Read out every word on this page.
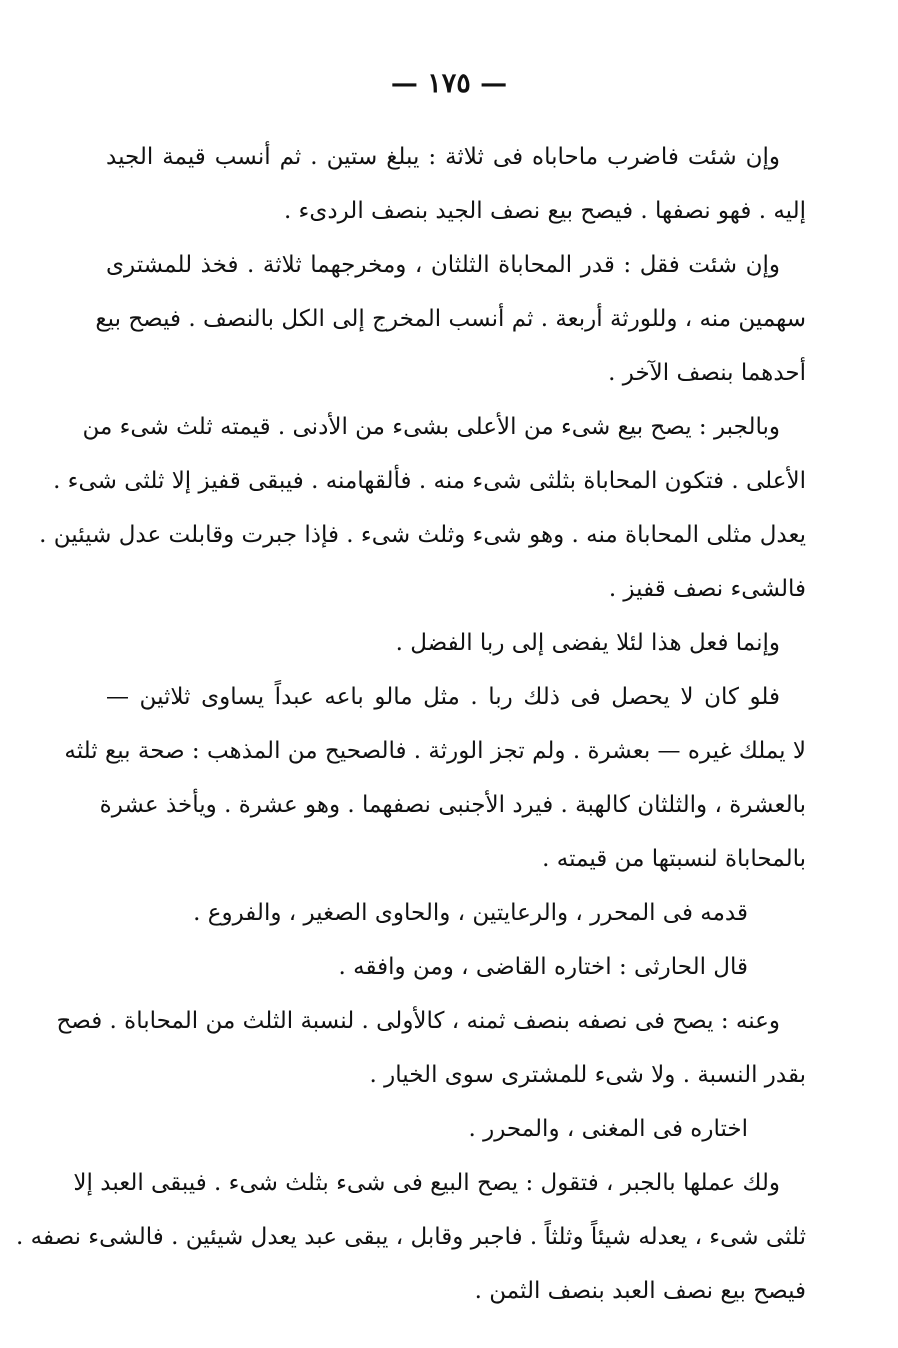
— ١٧٥ —
وإن شئت فاضرب ماحاباه فى ثلاثة : يبلغ ستين . ثم أنسب قيمة الجيد
إليه . فهو نصفها . فيصح بيع نصف الجيد بنصف الردىء .
وإن شئت فقل : قدر المحاباة الثلثان ، ومخرجهما ثلاثة . فخذ للمشترى
سهمين منه ، وللورثة أربعة . ثم أنسب المخرج إلى الكل بالنصف . فيصح بيع
أحدهما بنصف الآخر .
وبالجبر : يصح بيع شىء من الأعلى بشىء من الأدنى . قيمته ثلث شىء من
الأعلى . فتكون المحاباة بثلثى شىء منه . فألقهامنه . فيبقى قفيز إلا ثلثى شىء .
يعدل مثلى المحاباة منه . وهو شىء وثلث شىء . فإذا جبرت وقابلت عدل شيئين .
فالشىء نصف قفيز .
وإنما فعل هذا لئلا يفضى إلى ربا الفضل .
فلو كان لا يحصل فى ذلك ربا . مثل مالو باعه عبداً يساوى ثلاثين —
لا يملك غيره — بعشرة . ولم تجز الورثة . فالصحيح من المذهب : صحة بيع ثلثه
بالعشرة ، والثلثان كالهبة . فيرد الأجنبى نصفهما . وهو عشرة . ويأخذ عشرة
بالمحاباة لنسبتها من قيمته .
قدمه فى المحرر ، والرعايتين ، والحاوى الصغير ، والفروع .
قال الحارثى : اختاره القاضى ، ومن وافقه .
وعنه : يصح فى نصفه بنصف ثمنه ، كالأولى . لنسبة الثلث من المحاباة . فصح
بقدر النسبة . ولا شىء للمشترى سوى الخيار .
اختاره فى المغنى ، والمحرر .
ولك عملها بالجبر ، فتقول : يصح البيع فى شىء بثلث شىء . فيبقى العبد إلا
ثلثى شىء ، يعدله شيئاً وثلثاً . فاجبر وقابل ، يبقى عبد يعدل شيئين . فالشىء نصفه .
فيصح بيع نصف العبد بنصف الثمن .
